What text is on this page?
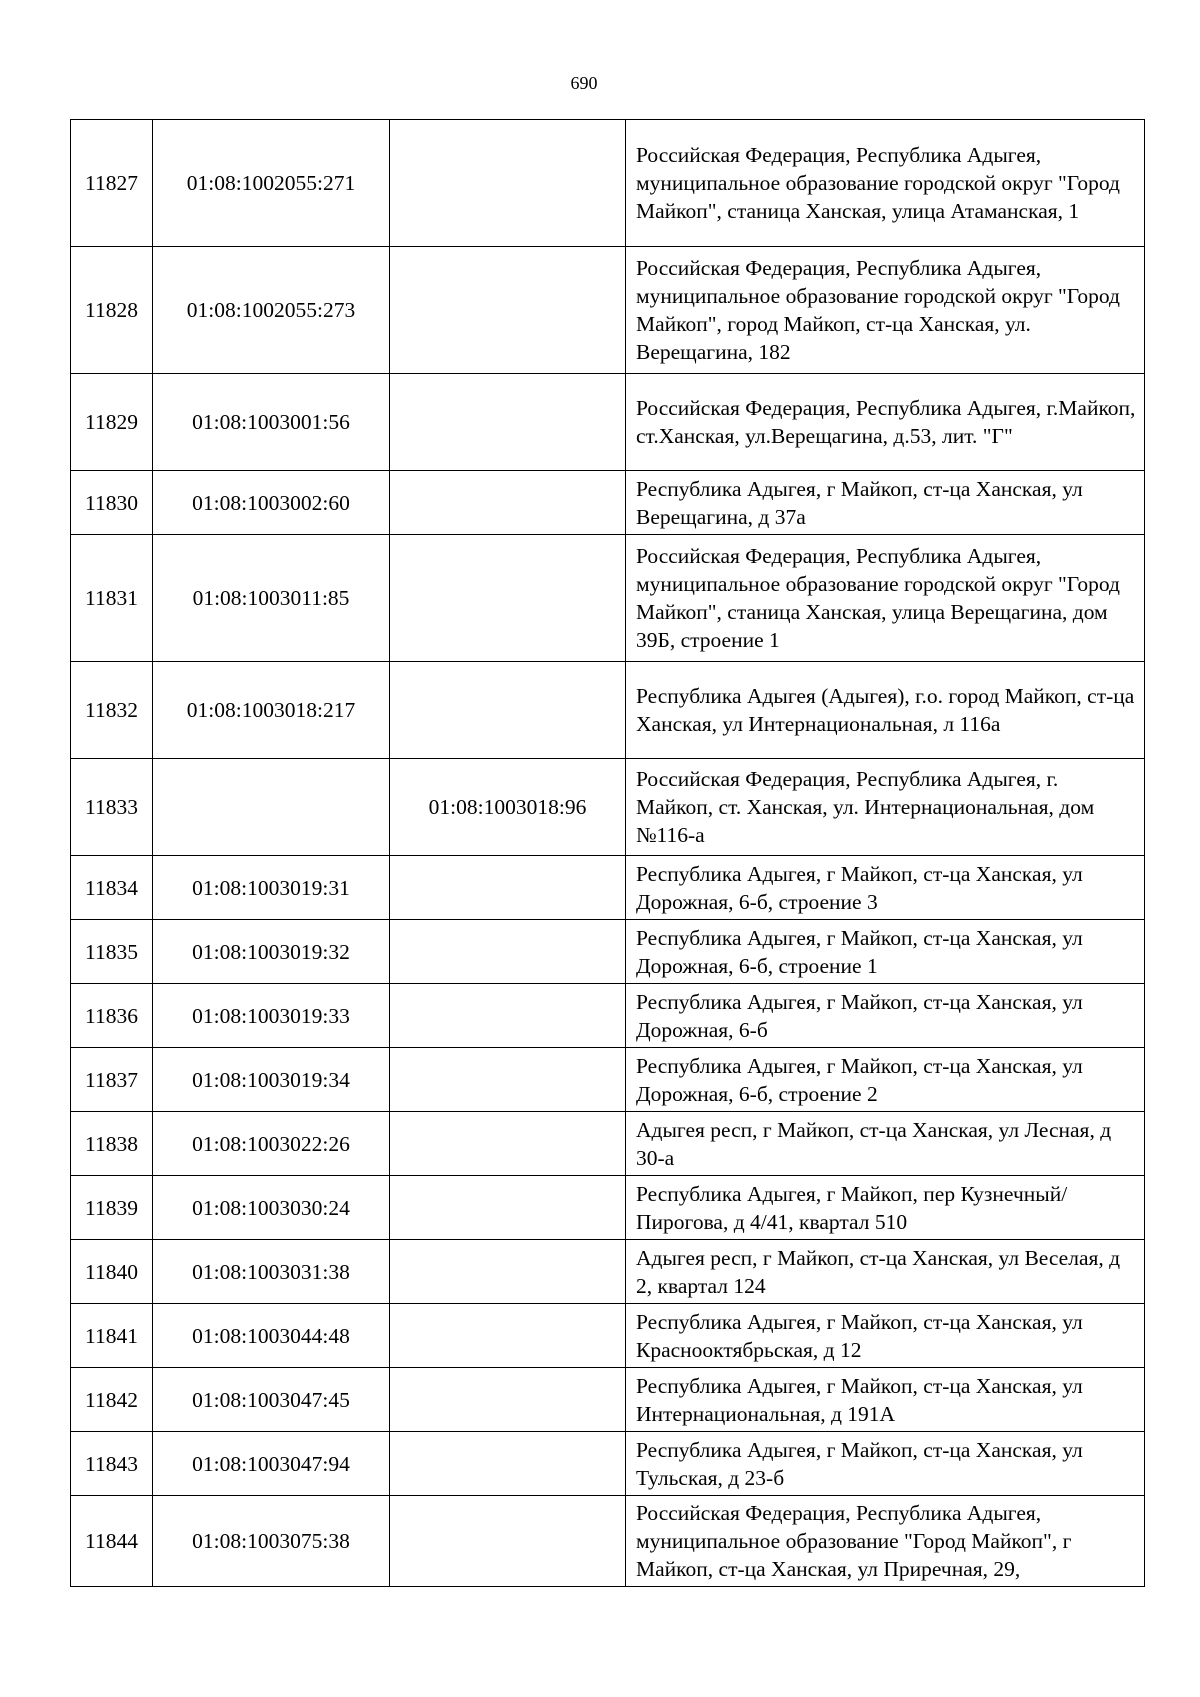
690
11827	01:08:1002055:271		Российская Федерация, Республика Адыгея, муниципальное образование городской округ "Город Майкоп", станица Ханская, улица Атаманская, 1
11828	01:08:1002055:273		Российская Федерация, Республика Адыгея, муниципальное образование городской округ "Город Майкоп", город Майкоп, ст-ца Ханская, ул. Верещагина, 182
11829	01:08:1003001:56		Российская Федерация, Республика Адыгея, г.Майкоп, ст.Ханская, ул.Верещагина, д.53, лит. "Г"
11830	01:08:1003002:60		Республика Адыгея, г Майкоп, ст-ца Ханская, ул Верещагина, д 37а
11831	01:08:1003011:85		Российская Федерация, Республика Адыгея, муниципальное образование городской округ "Город Майкоп", станица Ханская, улица Верещагина, дом 39Б, строение 1
11832	01:08:1003018:217		Республика Адыгея (Адыгея), г.о. город Майкоп, ст-ца Ханская, ул Интернациональная, л 116а
11833		01:08:1003018:96	Российская Федерация, Республика Адыгея, г. Майкоп, ст. Ханская, ул. Интернациональная, дом №116-а
11834	01:08:1003019:31		Республика Адыгея, г Майкоп, ст-ца Ханская, ул Дорожная, 6-б, строение 3
11835	01:08:1003019:32		Республика Адыгея, г Майкоп, ст-ца Ханская, ул Дорожная, 6-б, строение 1
11836	01:08:1003019:33		Республика Адыгея, г Майкоп, ст-ца Ханская, ул Дорожная, 6-б
11837	01:08:1003019:34		Республика Адыгея, г Майкоп, ст-ца Ханская, ул Дорожная, 6-б, строение 2
11838	01:08:1003022:26		Адыгея респ, г Майкоп, ст-ца Ханская, ул Лесная, д 30-а
11839	01:08:1003030:24		Республика Адыгея, г Майкоп, пер Кузнечный/Пирогова, д 4/41, квартал 510
11840	01:08:1003031:38		Адыгея респ, г Майкоп, ст-ца Ханская, ул Веселая, д 2, квартал 124
11841	01:08:1003044:48		Республика Адыгея, г Майкоп, ст-ца Ханская, ул Краснооктябрьская, д 12
11842	01:08:1003047:45		Республика Адыгея, г Майкоп, ст-ца Ханская, ул Интернациональная, д 191А
11843	01:08:1003047:94		Республика Адыгея, г Майкоп, ст-ца Ханская, ул Тульская, д 23-б
11844	01:08:1003075:38		Российская Федерация, Республика Адыгея, муниципальное образование "Город Майкоп", г Майкоп, ст-ца Ханская, ул Приречная, 29,
